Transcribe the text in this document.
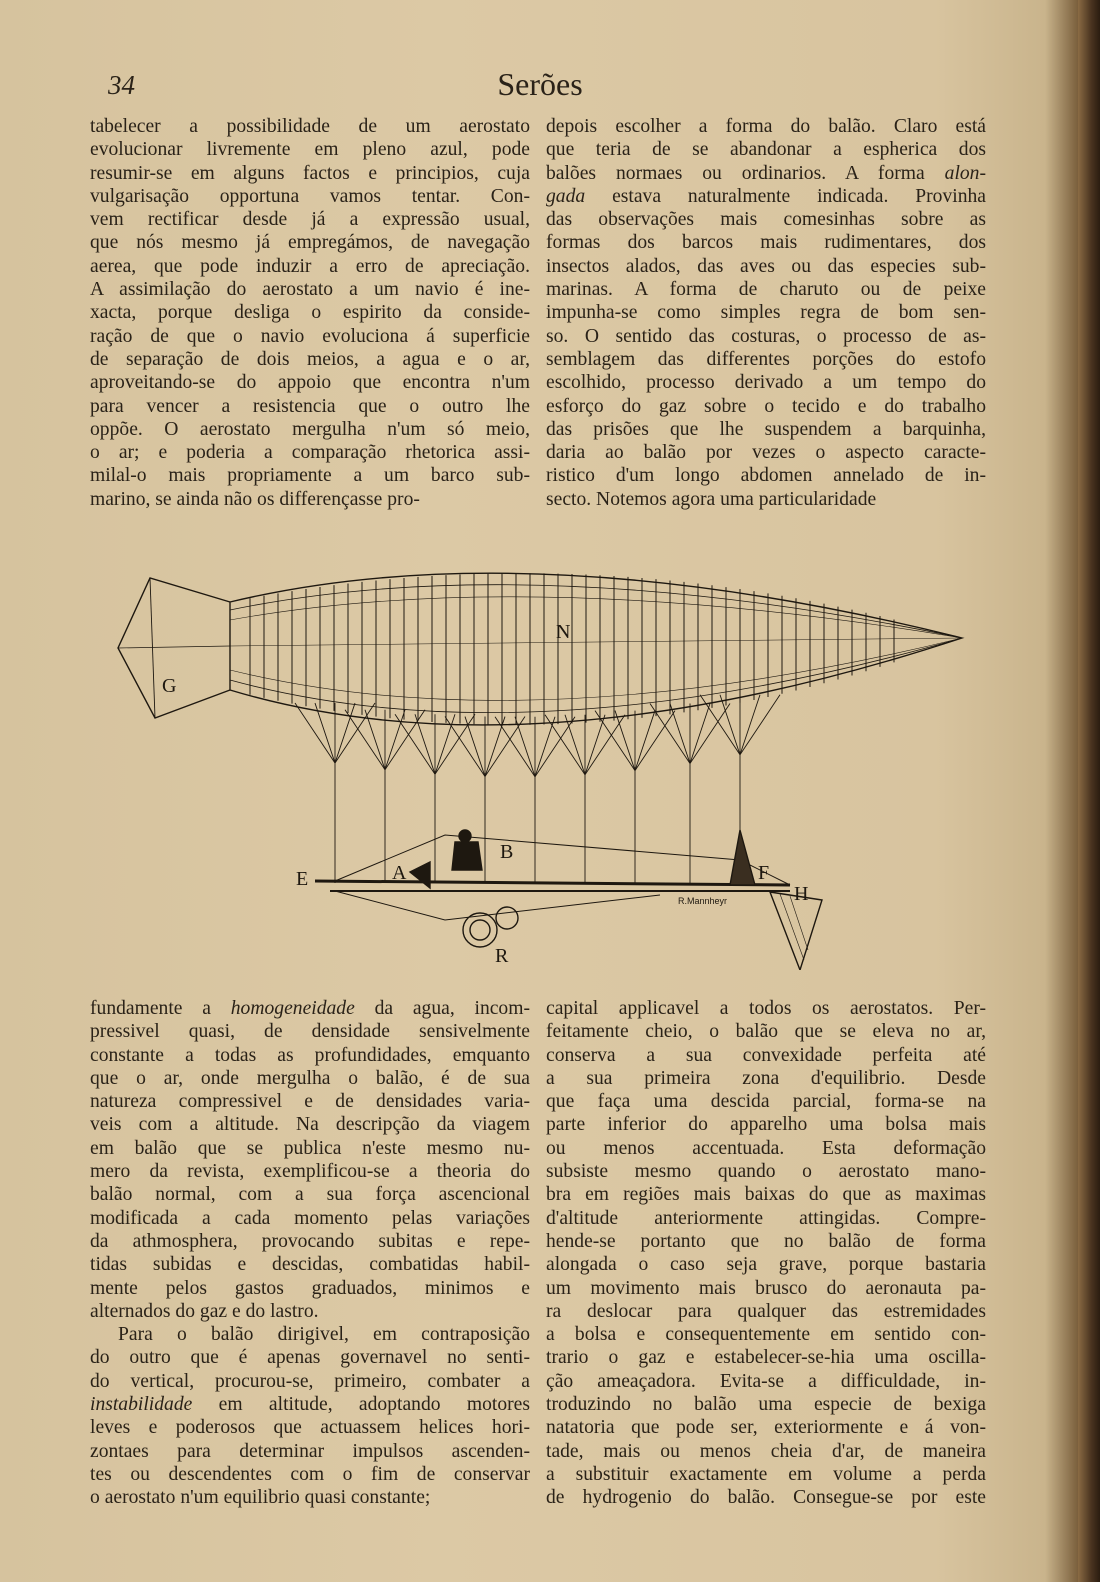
34	Serões
tabelecer a possibilidade de um aerostato
evolucionar livremente em pleno azul, pode
resumir-se em alguns factos e principios, cuja
vulgarisação opportuna vamos tentar. Con-
vem rectificar desde já a expressão usual,
que nós mesmo já empregámos, de navegação
aerea, que pode induzir a erro de apreciação.
A assimilação do aerostato a um navio é ine-
xacta, porque desliga o espirito da conside-
ração de que o navio evoluciona á superficie
de separação de dois meios, a agua e o ar,
aproveitando-se do appoio que encontra n'um
para vencer a resistencia que o outro lhe
oppõe. O aerostato mergulha n'um só meio,
o ar; e poderia a comparação rhetorica assi-
milal-o mais propriamente a um barco sub-
marino, se ainda não os differençasse pro-
depois escolher a forma do balão. Claro está
que teria de se abandonar a espherica dos
balões normaes ou ordinarios. A forma alon-
gada estava naturalmente indicada. Provinha
das observações mais comesinhas sobre as
formas dos barcos mais rudimentares, dos
insectos alados, das aves ou das especies sub-
marinas. A forma de charuto ou de peixe
impunha-se como simples regra de bom sen-
so. O sentido das costuras, o processo de as-
semblagem das differentes porções do estofo
escolhido, processo derivado a um tempo do
esforço do gaz sobre o tecido e do trabalho
das prisões que lhe suspendem a barquinha,
daria ao balão por vezes o aspecto caracte-
ristico d'um longo abdomen annelado de in-
secto. Notemos agora uma particularidade
N
G
E	A
B
F
H
R
R.Mannheyr
fundamente a homogeneidade da agua, incom-
pressivel quasi, de densidade sensivelmente
constante a todas as profundidades, emquanto
que o ar, onde mergulha o balão, é de sua
natureza compressivel e de densidades varia-
veis com a altitude. Na descripção da viagem
em balão que se publica n'este mesmo nu-
mero da revista, exemplificou-se a theoria do
balão normal, com a sua força ascencional
modificada a cada momento pelas variações
da athmosphera, provocando subitas e repe-
tidas subidas e descidas, combatidas habil-
mente pelos gastos graduados, minimos e
alternados do gaz e do lastro.
Para o balão dirigivel, em contraposição
do outro que é apenas governavel no senti-
do vertical, procurou-se, primeiro, combater a
instabilidade em altitude, adoptando motores
leves e poderosos que actuassem helices hori-
zontaes para determinar impulsos ascenden-
tes ou descendentes com o fim de conservar
o aerostato n'um equilibrio quasi constante;
capital applicavel a todos os aerostatos. Per-
feitamente cheio, o balão que se eleva no ar,
conserva a sua convexidade perfeita até
a sua primeira zona d'equilibrio. Desde
que faça uma descida parcial, forma-se na
parte inferior do apparelho uma bolsa mais
ou menos accentuada. Esta deformação
subsiste mesmo quando o aerostato mano-
bra em regiões mais baixas do que as maximas
d'altitude anteriormente attingidas. Compre-
hende-se portanto que no balão de forma
alongada o caso seja grave, porque bastaria
um movimento mais brusco do aeronauta pa-
ra deslocar para qualquer das estremidades
a bolsa e consequentemente em sentido con-
trario o gaz e estabelecer-se-hia uma oscilla-
ção ameaçadora. Evita-se a difficuldade, in-
troduzindo no balão uma especie de bexiga
natatoria que pode ser, exteriormente e á von-
tade, mais ou menos cheia d'ar, de maneira
a substituir exactamente em volume a perda
de hydrogenio do balão. Consegue-se por este
